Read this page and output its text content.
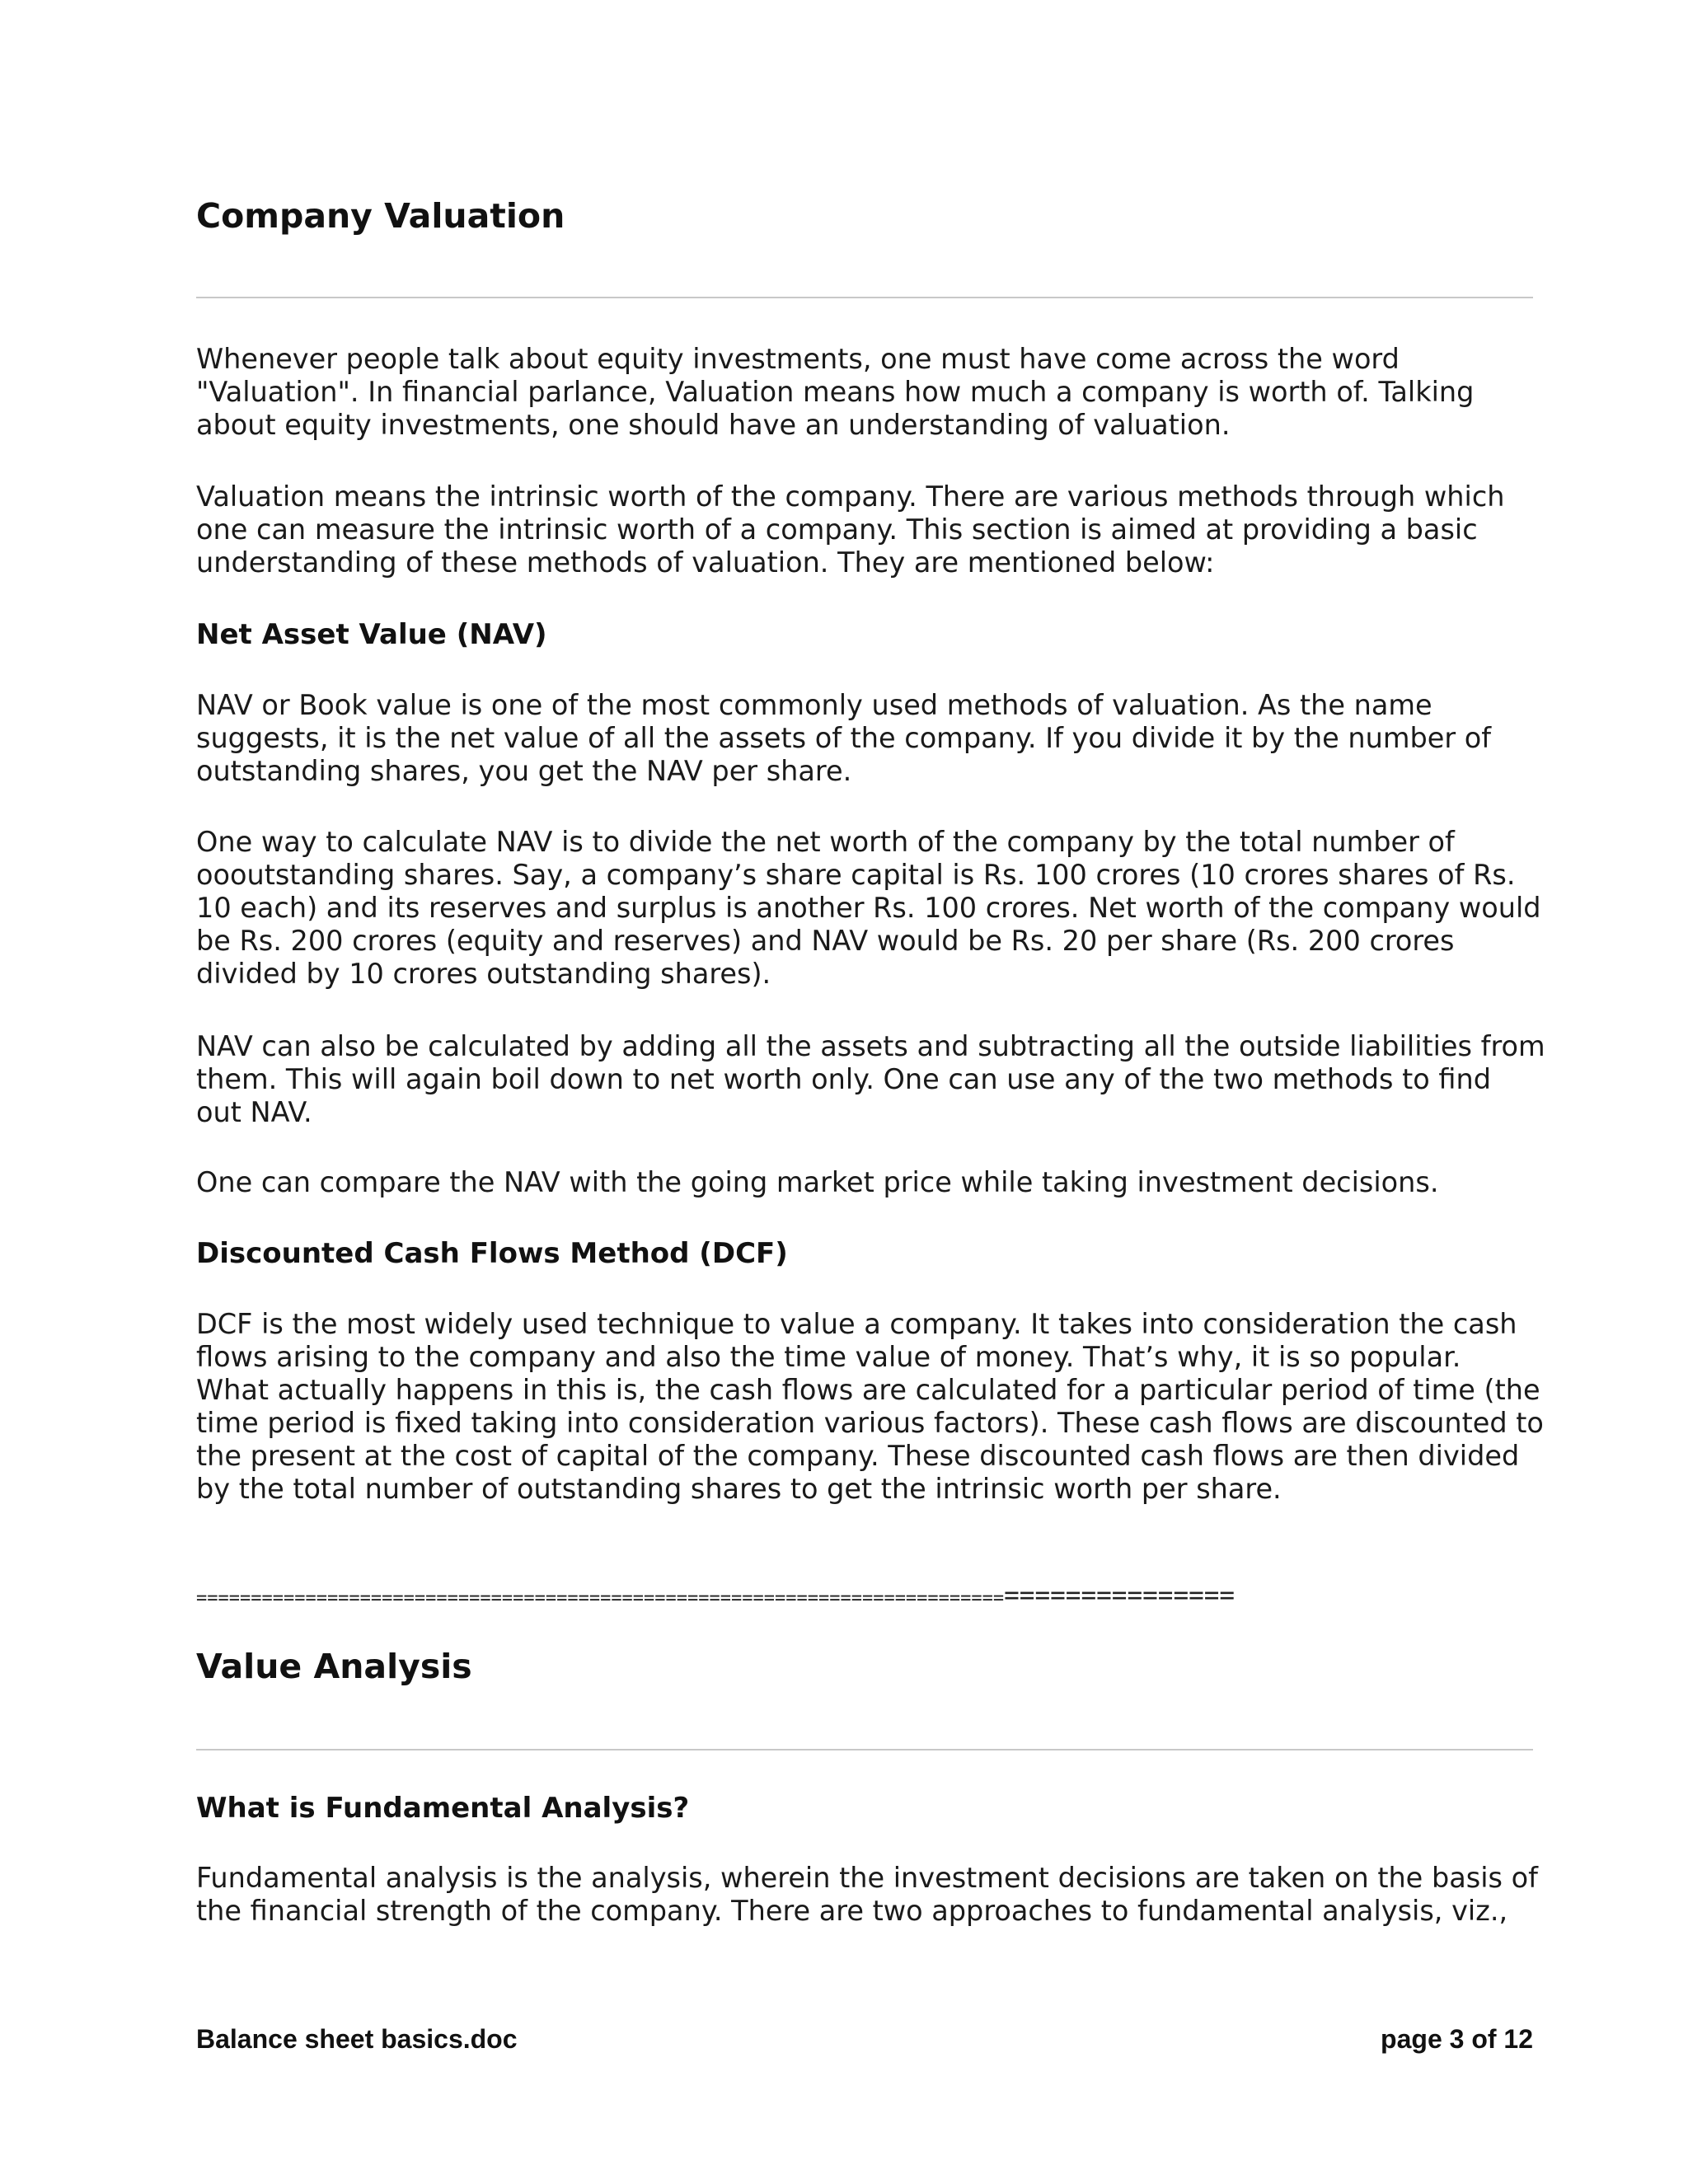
Company Valuation

Whenever people talk about equity investments, one must have come across the word
"Valuation". In financial parlance, Valuation means how much a company is worth of. Talking
about equity investments, one should have an understanding of valuation.

Valuation means the intrinsic worth of the company. There are various methods through which
one can measure the intrinsic worth of a company. This section is aimed at providing a basic
understanding of these methods of valuation. They are mentioned below:

Net Asset Value (NAV)

NAV or Book value is one of the most commonly used methods of valuation. As the name
suggests, it is the net value of all the assets of the company. If you divide it by the number of
outstanding shares, you get the NAV per share.

One way to calculate NAV is to divide the net worth of the company by the total number of
oooutstanding shares. Say, a company’s share capital is Rs. 100 crores (10 crores shares of Rs.
10 each) and its reserves and surplus is another Rs. 100 crores. Net worth of the company would
be Rs. 200 crores (equity and reserves) and NAV would be Rs. 20 per share (Rs. 200 crores
divided by 10 crores outstanding shares).

NAV can also be calculated by adding all the assets and subtracting all the outside liabilities from
them. This will again boil down to net worth only. One can use any of the two methods to find
out NAV.

One can compare the NAV with the going market price while taking investment decisions.

Discounted Cash Flows Method (DCF)

DCF is the most widely used technique to value a company. It takes into consideration the cash
flows arising to the company and also the time value of money. That’s why, it is so popular.
What actually happens in this is, the cash flows are calculated for a particular period of time (the
time period is fixed taking into consideration various factors). These cash flows are discounted to
the present at the cost of capital of the company. These discounted cash flows are then divided
by the total number of outstanding shares to get the intrinsic worth per share.

=========================================================================================
Value Analysis
What is Fundamental Analysis?

Fundamental analysis is the analysis, wherein the investment decisions are taken on the basis of
the financial strength of the company. There are two approaches to fundamental analysis, viz.,

Balance sheet basics.doc	page 3 of 12
